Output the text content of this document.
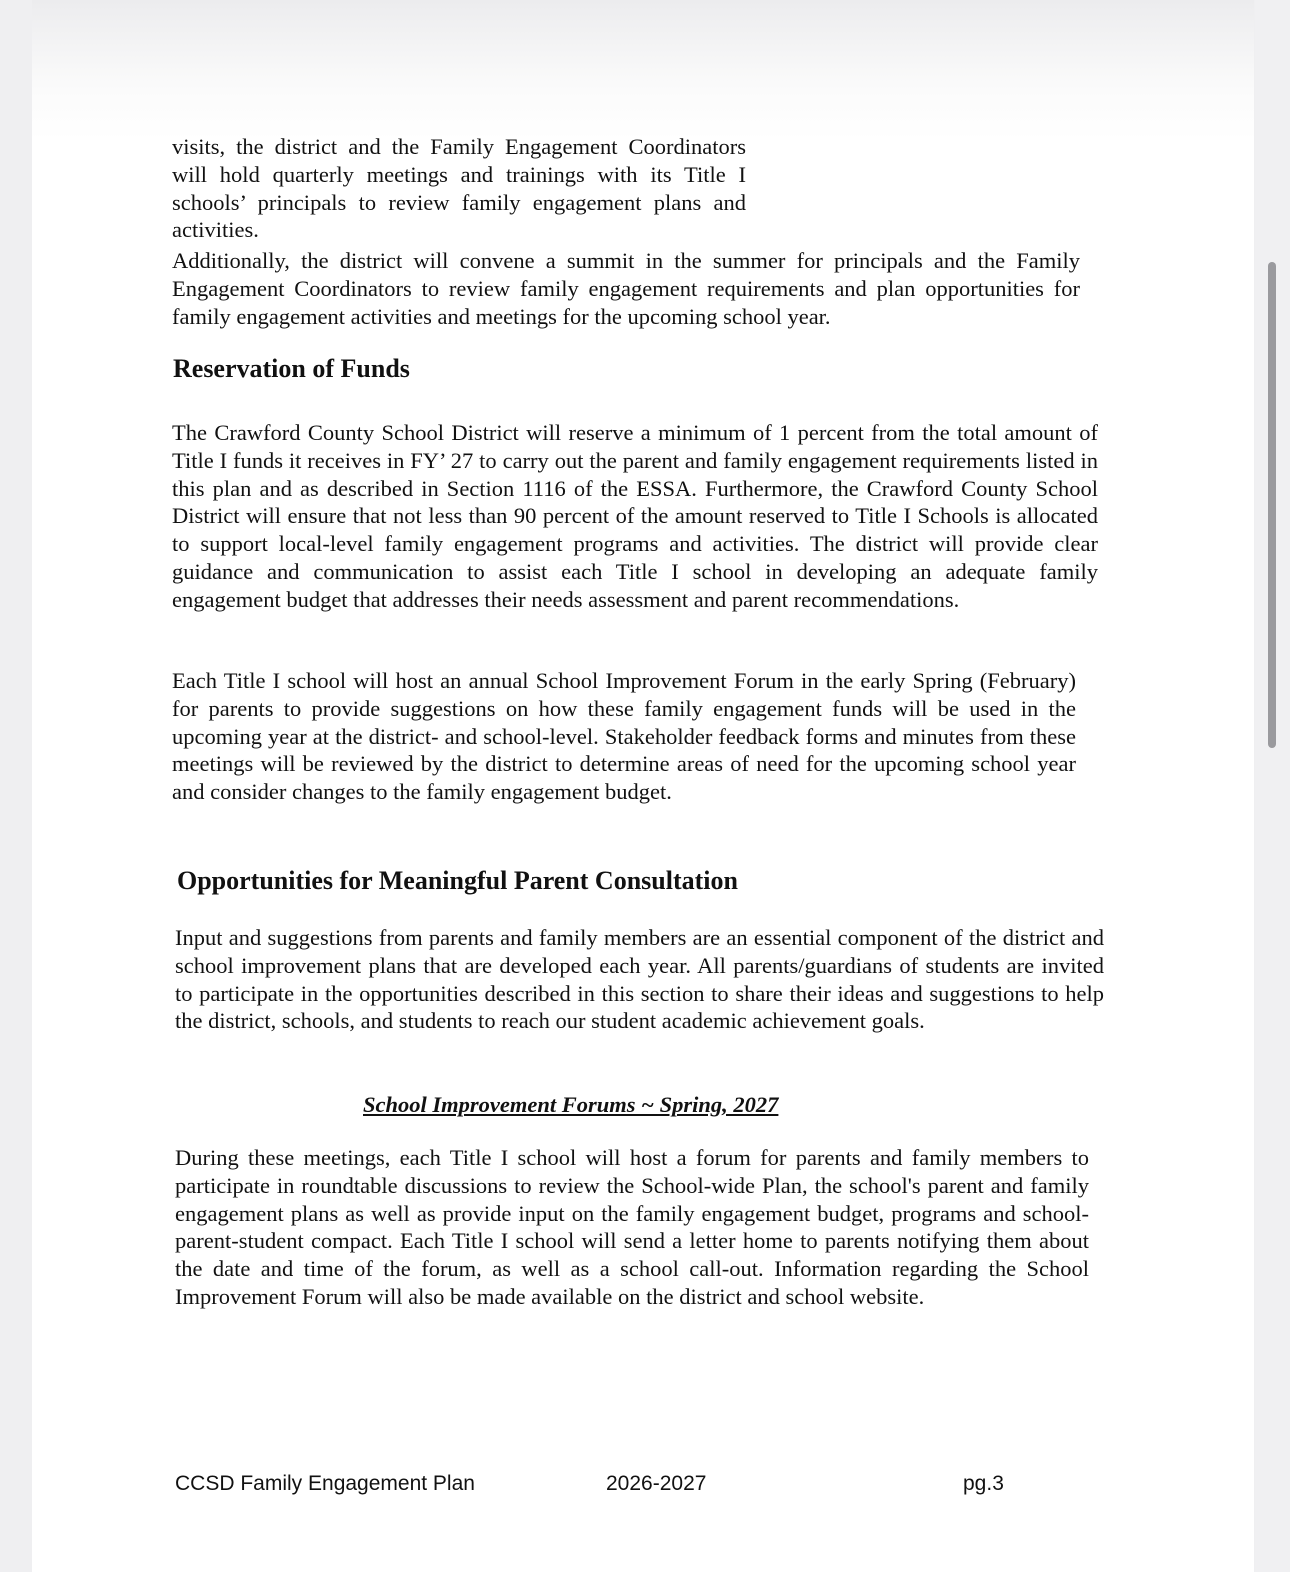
visits, the district and the Family Engagement Coordinators will hold quarterly meetings and trainings with its Title I schools’ principals to review family engagement plans and activities.

Additionally, the district will convene a summit in the summer for principals and the Family Engagement Coordinators to review family engagement requirements and plan opportunities for family engagement activities and meetings for the upcoming school year.

Reservation of Funds

The Crawford County School District will reserve a minimum of 1 percent from the total amount of Title I funds it receives in FY’ 27 to carry out the parent and family engagement requirements listed in this plan and as described in Section 1116 of the ESSA. Furthermore, the Crawford County School District will ensure that not less than 90 percent of the amount reserved to Title I Schools is allocated to support local-level family engagement programs and activities. The district will provide clear guidance and communication to assist each Title I school in developing an adequate family engagement budget that addresses their needs assessment and parent recommendations.

Each Title I school will host an annual School Improvement Forum in the early Spring (February) for parents to provide suggestions on how these family engagement funds will be used in the upcoming year at the district- and school-level. Stakeholder feedback forms and minutes from these meetings will be reviewed by the district to determine areas of need for the upcoming school year and consider changes to the family engagement budget.

Opportunities for Meaningful Parent Consultation

Input and suggestions from parents and family members are an essential component of the district and school improvement plans that are developed each year. All parents/guardians of students are invited to participate in the opportunities described in this section to share their ideas and suggestions to help the district, schools, and students to reach our student academic achievement goals.

School Improvement Forums ~ Spring, 2027

During these meetings, each Title I school will host a forum for parents and family members to participate in roundtable discussions to review the School-wide Plan, the school's parent and family engagement plans as well as provide input on the family engagement budget, programs and school-parent-student compact. Each Title I school will send a letter home to parents notifying them about the date and time of the forum, as well as a school call-out. Information regarding the School Improvement Forum will also be made available on the district and school website.

CCSD Family Engagement Plan	2026-2027	pg.3
